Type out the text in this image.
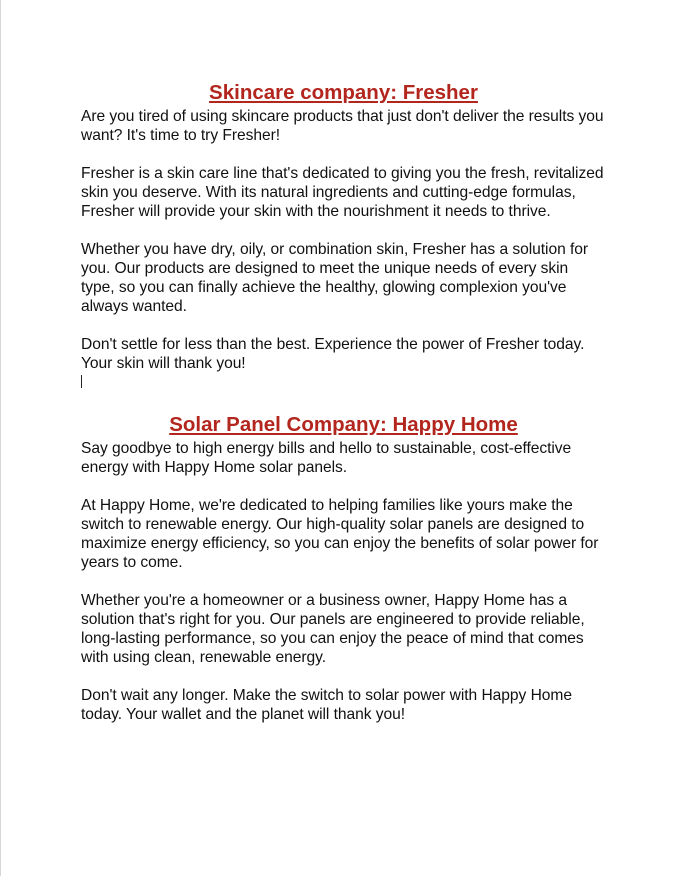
Skincare company: Fresher

Are you tired of using skincare products that just don't deliver the results you want? It's time to try Fresher!

Fresher is a skin care line that's dedicated to giving you the fresh, revitalized skin you deserve. With its natural ingredients and cutting-edge formulas, Fresher will provide your skin with the nourishment it needs to thrive.

Whether you have dry, oily, or combination skin, Fresher has a solution for you. Our products are designed to meet the unique needs of every skin type, so you can finally achieve the healthy, glowing complexion you've always wanted.

Don't settle for less than the best. Experience the power of Fresher today. Your skin will thank you!

Solar Panel Company: Happy Home

Say goodbye to high energy bills and hello to sustainable, cost-effective energy with Happy Home solar panels.

At Happy Home, we're dedicated to helping families like yours make the switch to renewable energy. Our high-quality solar panels are designed to maximize energy efficiency, so you can enjoy the benefits of solar power for years to come.

Whether you're a homeowner or a business owner, Happy Home has a solution that's right for you. Our panels are engineered to provide reliable, long-lasting performance, so you can enjoy the peace of mind that comes with using clean, renewable energy.

Don't wait any longer. Make the switch to solar power with Happy Home today. Your wallet and the planet will thank you!
